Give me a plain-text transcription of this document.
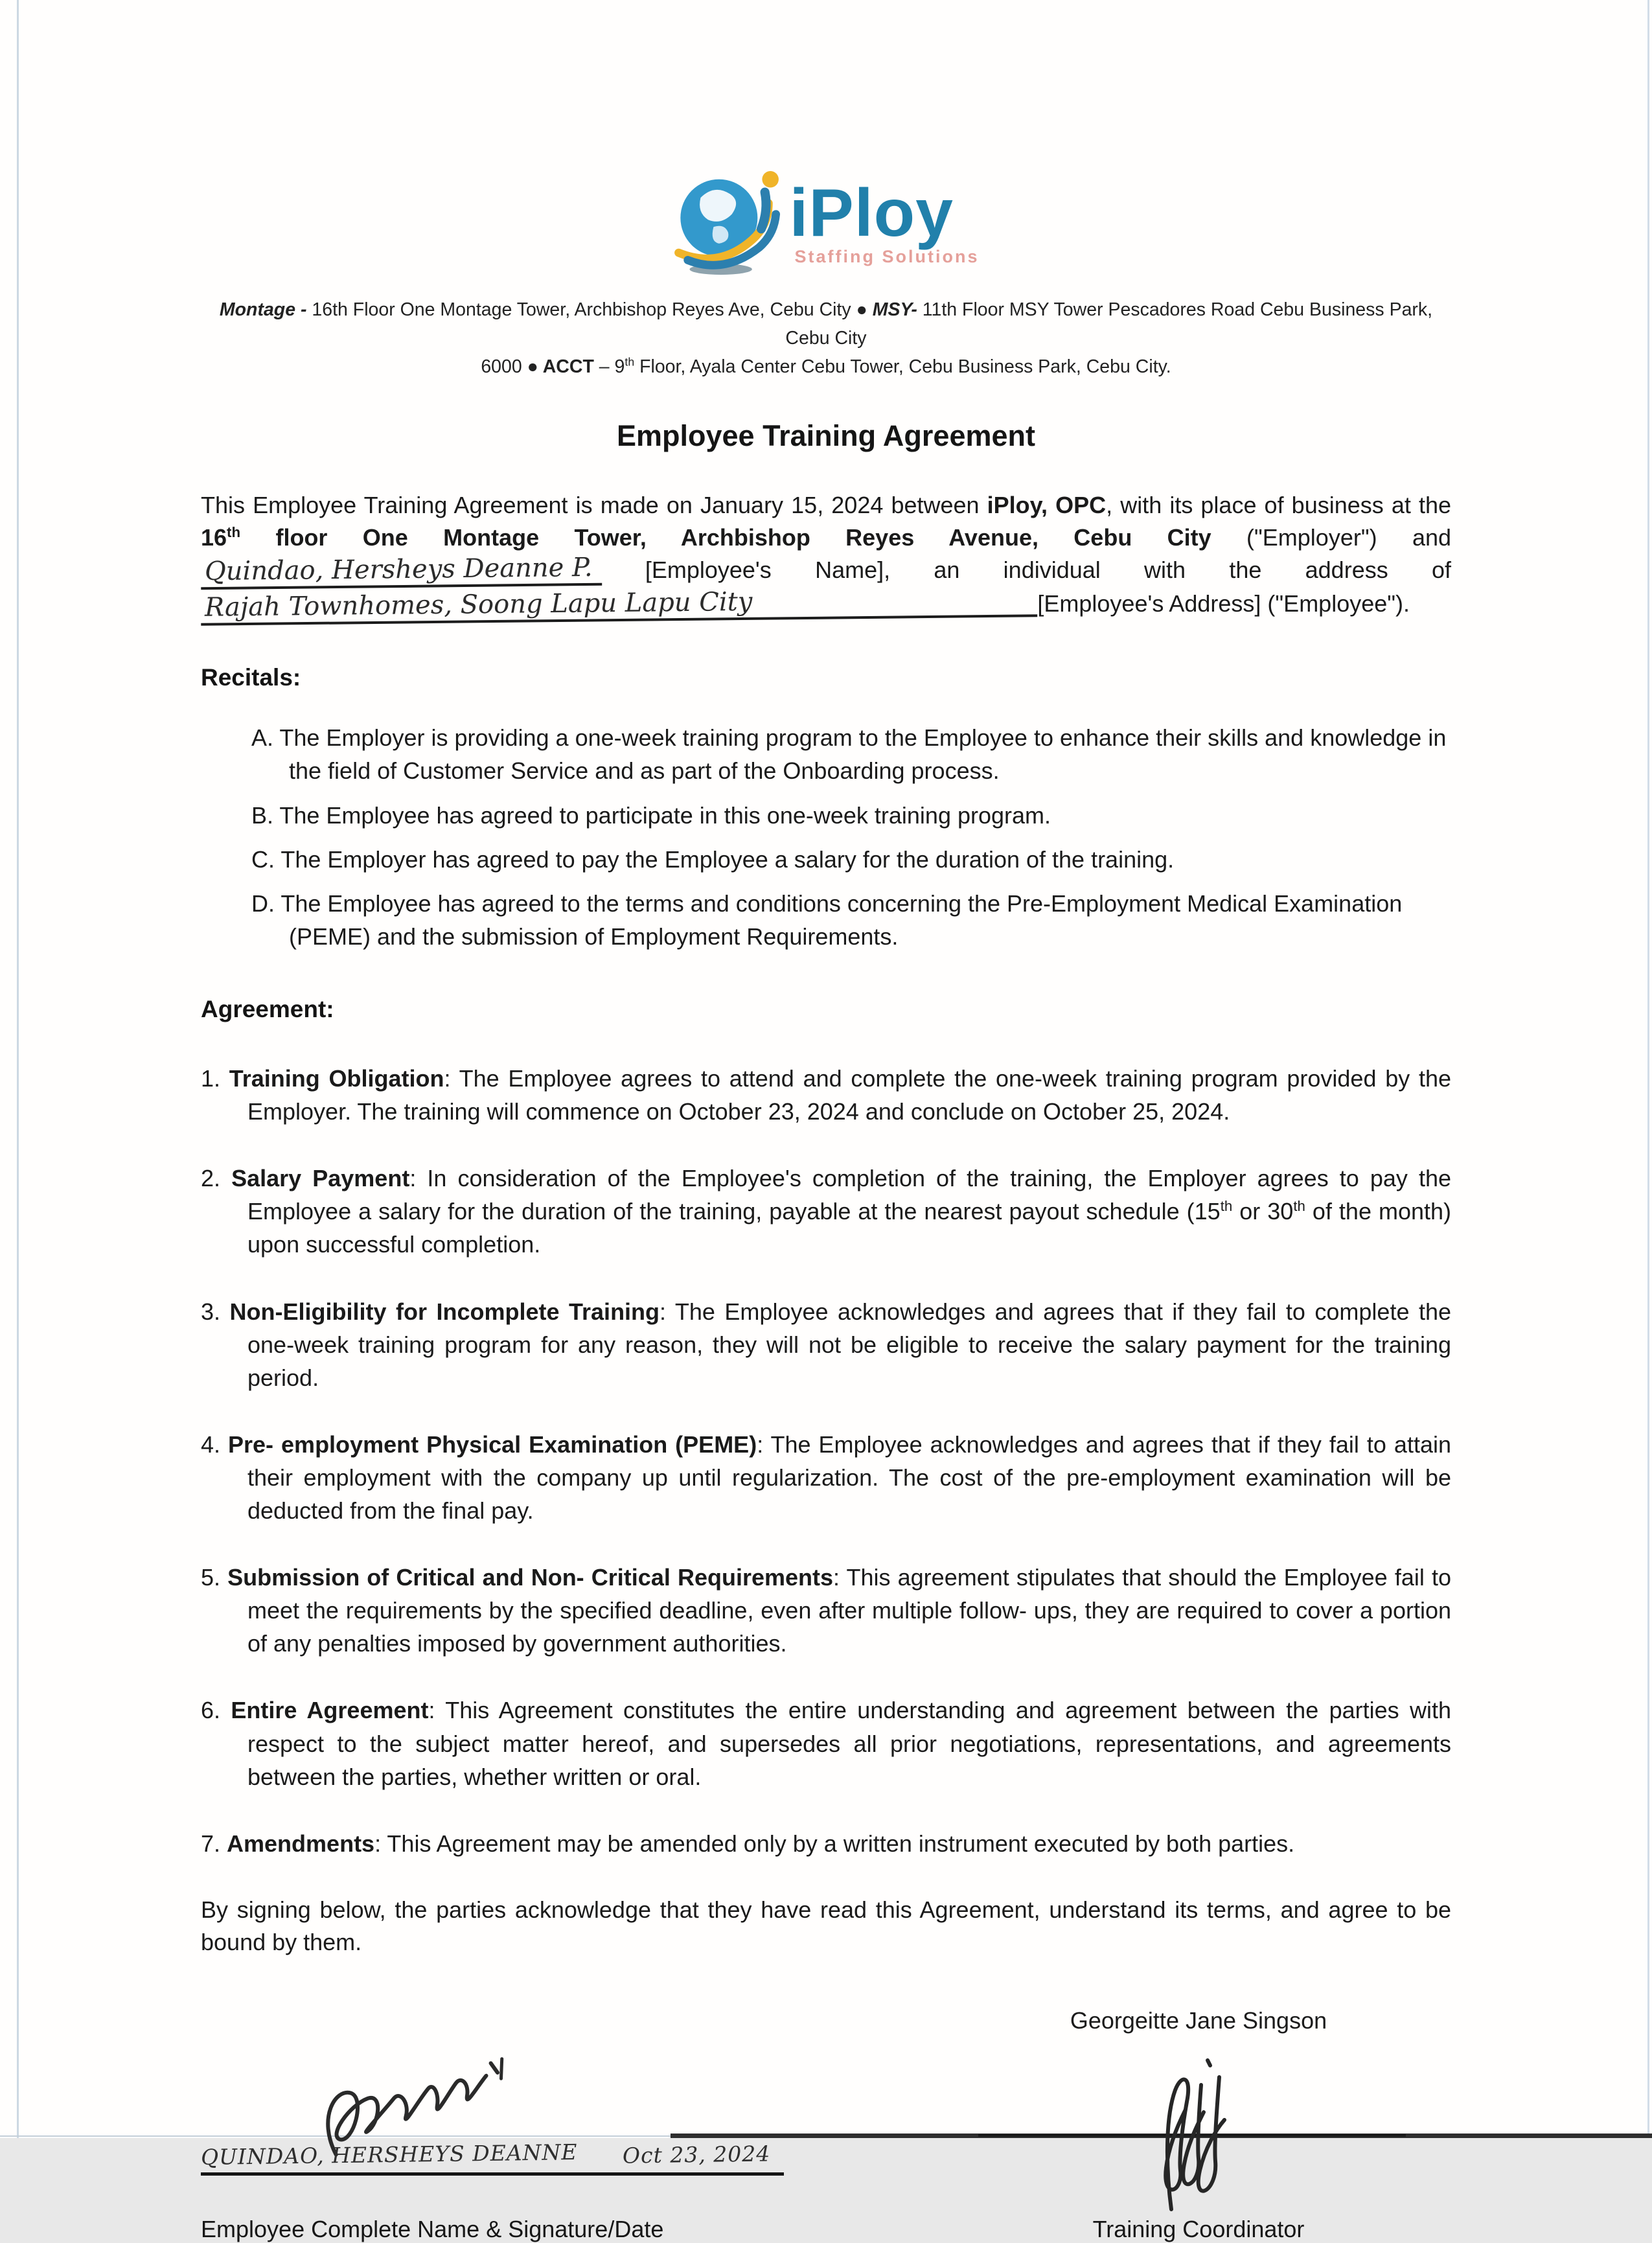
iPloy
Staffing Solutions
Montage - 16th Floor One Montage Tower, Archbishop Reyes Ave, Cebu City ● MSY- 11th Floor MSY Tower Pescadores Road Cebu Business Park, Cebu City
6000 ● ACCT – 9th Floor, Ayala Center Cebu Tower, Cebu Business Park, Cebu City.
Employee Training Agreement

This Employee Training Agreement is made on January 15, 2024 between iPloy, OPC, with its place of business at the 16th floor One Montage Tower, Archbishop Reyes Avenue, Cebu City ("Employer") and Quindao, Hersheys Deanne P. [Employee's Name], an individual with the address of Rajah Townhomes, Soong Lapu Lapu City	[Employee's Address] ("Employee").

Recitals:

A. The Employer is providing a one-week training program to the Employee to enhance their skills and knowledge in the field of Customer Service and as part of the Onboarding process.

B. The Employee has agreed to participate in this one-week training program.

C. The Employer has agreed to pay the Employee a salary for the duration of the training.

D. The Employee has agreed to the terms and conditions concerning the Pre-Employment Medical Examination (PEME) and the submission of Employment Requirements.

Agreement:

1. Training Obligation: The Employee agrees to attend and complete the one-week training program provided by the Employer. The training will commence on October 23, 2024 and conclude on October 25, 2024.

2. Salary Payment: In consideration of the Employee's completion of the training, the Employer agrees to pay the Employee a salary for the duration of the training, payable at the nearest payout schedule (15th or 30th of the month) upon successful completion.

3. Non-Eligibility for Incomplete Training: The Employee acknowledges and agrees that if they fail to complete the one-week training program for any reason, they will not be eligible to receive the salary payment for the training period.

4. Pre- employment Physical Examination (PEME): The Employee acknowledges and agrees that if they fail to attain their employment with the company up until regularization. The cost of the pre-employment examination will be deducted from the final pay.

5. Submission of Critical and Non- Critical Requirements: This agreement stipulates that should the Employee fail to meet the requirements by the specified deadline, even after multiple follow- ups, they are required to cover a portion of any penalties imposed by government authorities.

6. Entire Agreement: This Agreement constitutes the entire understanding and agreement between the parties with respect to the subject matter hereof, and supersedes all prior negotiations, representations, and agreements between the parties, whether written or oral.

7. Amendments: This Agreement may be amended only by a written instrument executed by both parties.

By signing below, the parties acknowledge that they have read this Agreement, understand its terms, and agree to be bound by them.

QUINDAO, HERSHEYS DEANNE Oct 23, 2024
Employee Complete Name & Signature/Date
Georgeitte Jane Singson
Training Coordinator
